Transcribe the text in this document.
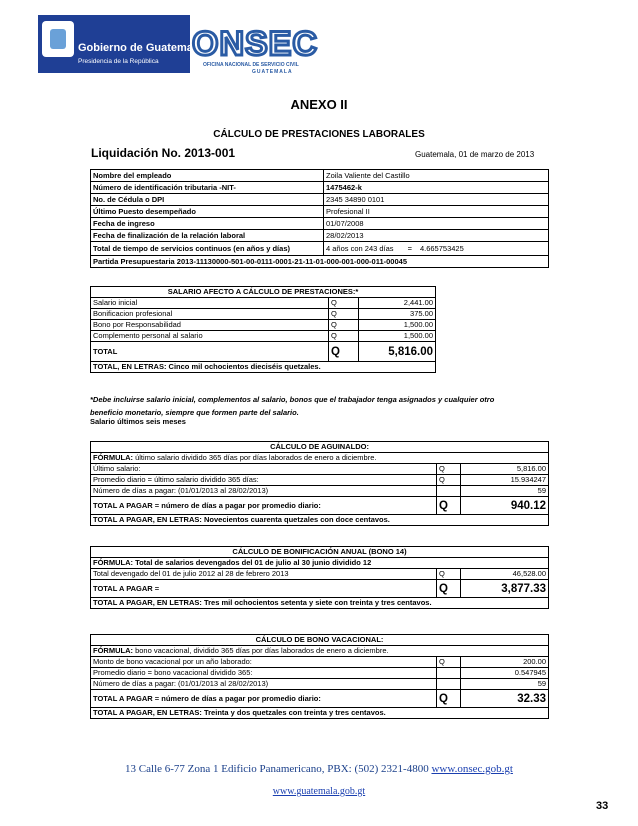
Gobierno de Guatemala
Presidencia de la República ONSEC
OFICINA NACIONAL DE SERVICIO CIVIL
GUATEMALA
ANEXO II
CÁLCULO DE PRESTACIONES LABORALES
Liquidación No. 2013-001	Guatemala, 01 de marzo de 2013
Nombre del empleado	Zoila Valiente del Castillo
Número de identificación tributaria -NIT-	1475462-k
No. de Cédula o DPI	2345 34890 0101
Último Puesto desempeñado	Profesional II
Fecha de ingreso	01/07/2008
Fecha de finalización de la relación laboral	28/02/2013
Total de tiempo de servicios continuos (en años y días)	4 años con 243 días = 4.665753425
Partida Presupuestaria 2013-11130000-501-00-0111-0001-21-11-01-000-001-000-011-00045	
SALARIO AFECTO A CÁLCULO DE PRESTACIONES:*		
Salario inicial	Q	2,441.00
Bonificacion profesional	Q	375.00
Bono por Responsabilidad	Q	1,500.00
Complemento personal al salario	Q	1,500.00
TOTAL	Q	5,816.00
TOTAL, EN LETRAS: Cinco mil ochocientos dieciséis quetzales.		
*Debe incluirse salario inicial, complementos al salario, bonos que el trabajador tenga asignados y cualquier otro
beneficio monetario, siempre que formen parte del salario.
Salario últimos seis meses
CÁLCULO DE AGUINALDO:		
FÓRMULA: último salario dividido 365 días por días laborados de enero a diciembre.		
Último salario:	Q	5,816.00
Promedio diario = último salario dividido 365 días:	Q	15.934247
Número de días a pagar: (01/01/2013 al 28/02/2013)		59
TOTAL A PAGAR = número de días a pagar por promedio diario:	Q	940.12
TOTAL A PAGAR, EN LETRAS: Novecientos cuarenta quetzales con doce centavos.		
CÁLCULO DE BONIFICACIÓN ANUAL (BONO 14)		
FÓRMULA: Total de salarios devengados del 01 de julio al 30 junio dividido 12		
Total devengado del 01 de julio 2012 al 28 de febrero 2013	Q	46,528.00
TOTAL A PAGAR =	Q	3,877.33
TOTAL A PAGAR, EN LETRAS: Tres mil ochocientos setenta y siete con treinta y tres centavos.		
CÁLCULO DE BONO VACACIONAL:		
FÓRMULA: bono vacacional, dividido 365 días por días laborados de enero a diciembre.		
Monto de bono vacacional por un año laborado:	Q	200.00
Promedio diario = bono vacacional dividido 365:		0.547945
Número de días a pagar: (01/01/2013 al 28/02/2013)		59
TOTAL A PAGAR = número de días a pagar por promedio diario:	Q	32.33
TOTAL A PAGAR, EN LETRAS: Treinta y dos quetzales con treinta y tres centavos.		
13 Calle 6-77 Zona 1 Edificio Panamericano, PBX: (502) 2321-4800 www.onsec.gob.gt
www.guatemala.gob.gt
33
